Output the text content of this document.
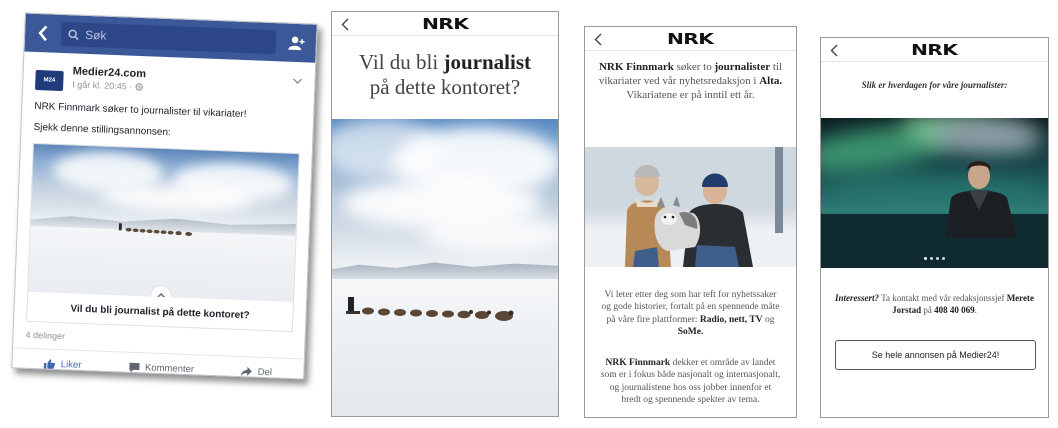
Søk
M24
Medier24.com
I går kl. 20:45 ·
NRK Finnmark søker to journalister til vikariater!
Sjekk denne stillingsannonsen:
Vil du bli journalist på dette kontoret?
4 delinger
Liker	Kommenter	Del
NRK
Vil du bli journalist
på dette kontoret?
NRK
NRK Finnmark søker to journalister til vikariater ved vår nyhetsredaksjon i Alta. Vikariatene er på inntil ett år.
Vi leter etter deg som har teft for nyhetssaker og gode historier, fortalt på en spennende måte på våre fire plattformer: Radio, nett, TV og SoMe.
NRK Finnmark dekker et område av landet som er i fokus både nasjonalt og internasjonalt, og journalistene hos oss jobber innenfor et bredt og spennende spekter av tema.
NRK
Slik er hverdagen for våre journalister:
Interessert? Ta kontakt med vår redaksjonssjef Merete Jorstad på 408 40 069.
Se hele annonsen på Medier24!
